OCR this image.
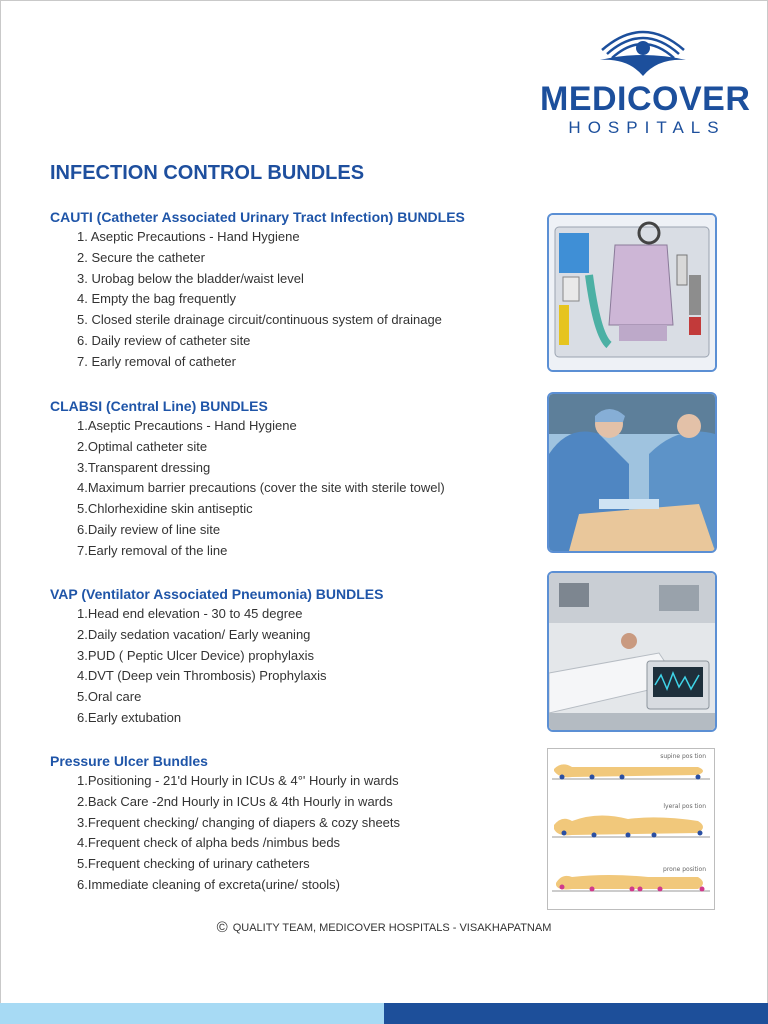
MEDICOVER
HOSPITALS
INFECTION CONTROL BUNDLES
CAUTI (Catheter Associated Urinary Tract Infection) BUNDLES
1. Aseptic Precautions - Hand Hygiene
2. Secure the catheter
3. Urobag below the bladder/waist level
4. Empty the bag frequently
5. Closed sterile drainage circuit/continuous system of drainage
6. Daily review of catheter site
7. Early removal of catheter
CLABSI (Central Line) BUNDLES
1.Aseptic Precautions - Hand Hygiene
2.Optimal catheter site
3.Transparent dressing
4.Maximum barrier precautions (cover the site with sterile towel)
5.Chlorhexidine skin antiseptic
6.Daily review of line site
7.Early removal of the line
VAP (Ventilator Associated Pneumonia) BUNDLES
1.Head end elevation - 30 to 45 degree
2.Daily sedation vacation/ Early weaning
3.PUD ( Peptic Ulcer Device) prophylaxis
4.DVT (Deep vein Thrombosis) Prophylaxis
5.Oral care
6.Early extubation
Pressure Ulcer Bundles
1.Positioning - 21'd Hourly in ICUs & 4°' Hourly in wards
2.Back Care -2nd Hourly in ICUs & 4th Hourly in wards
3.Frequent checking/ changing of diapers & cozy sheets
4.Frequent check of alpha beds /nimbus beds
5.Frequent checking of urinary catheters
6.Immediate cleaning of excreta(urine/ stools)
supine pos tion
lyeral pos tion
prone position
© QUALITY TEAM, MEDICOVER HOSPITALS - VISAKHAPATNAM
